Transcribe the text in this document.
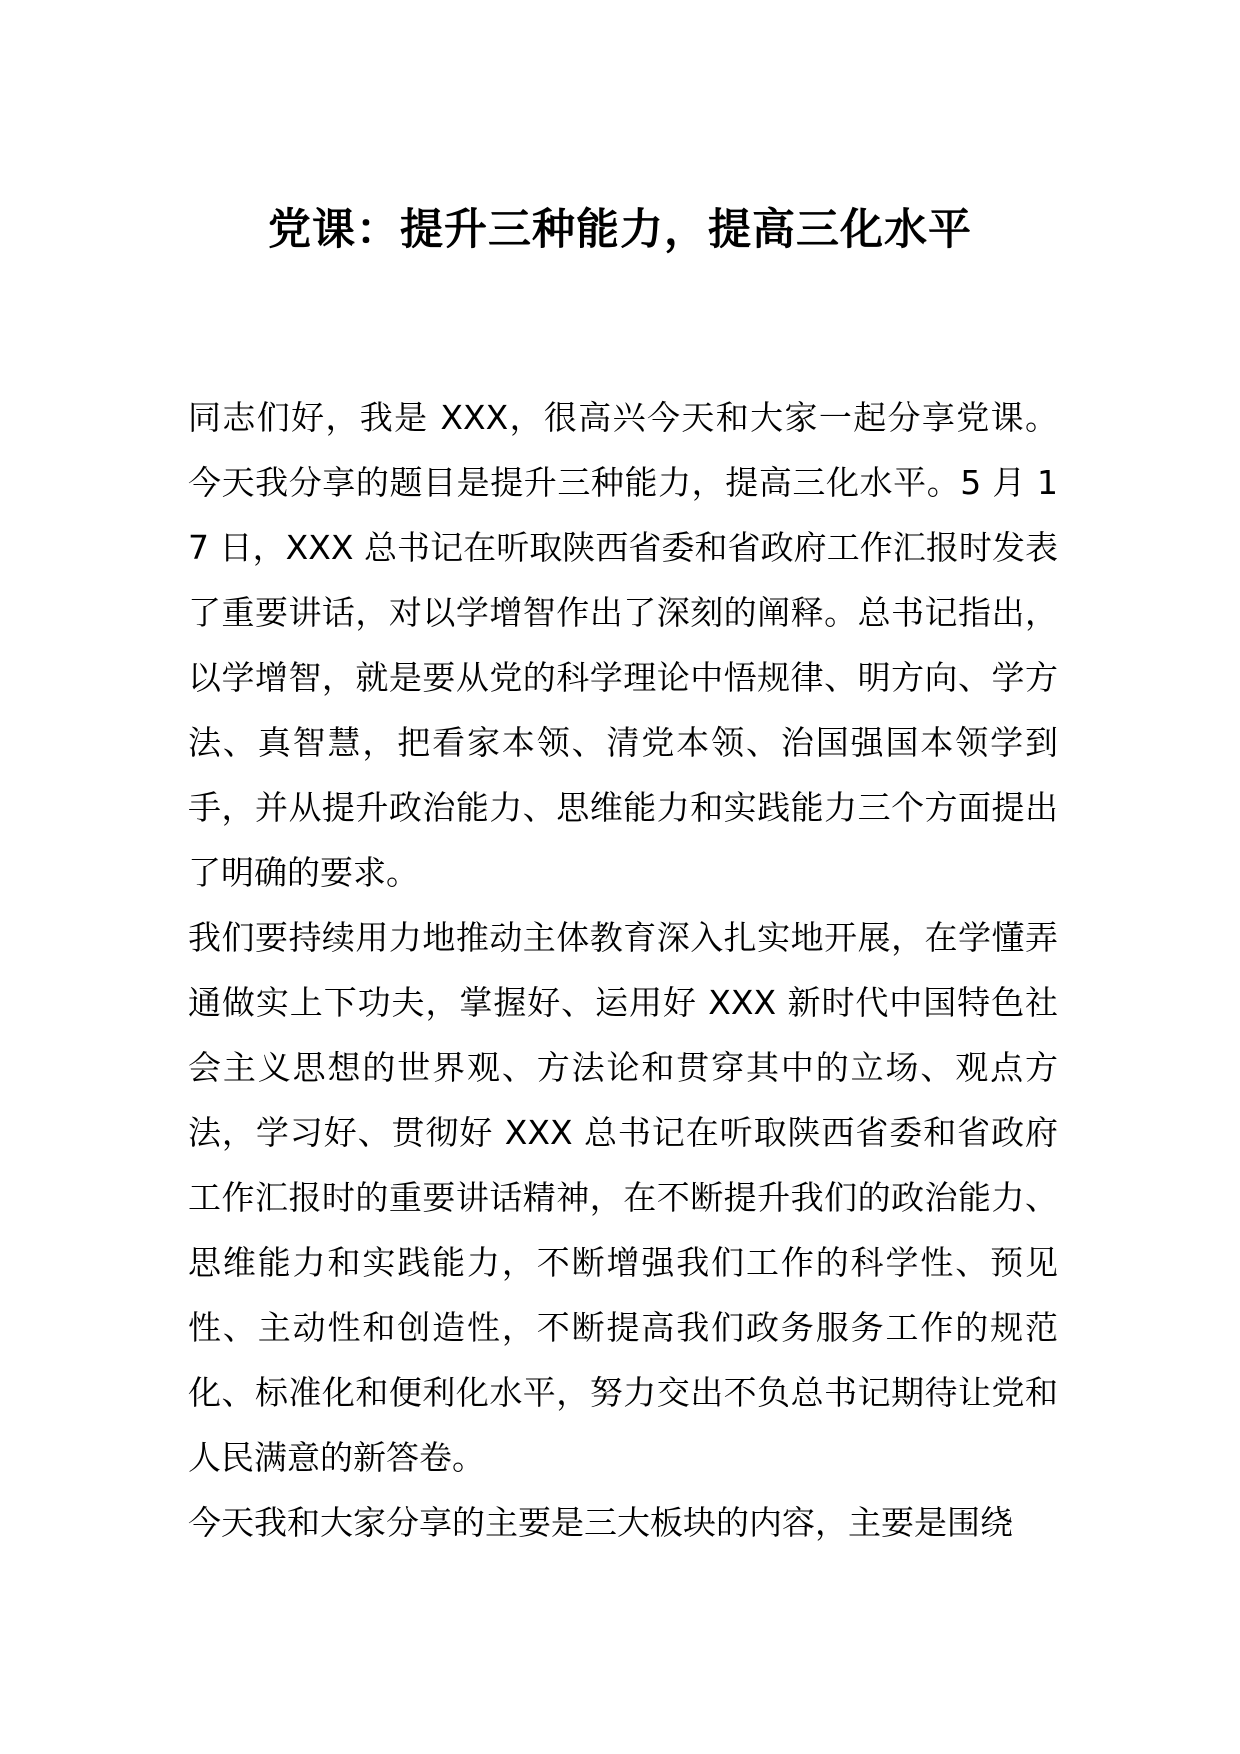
党课：提升三种能力，提高三化水平

同志们好，我是 XXX，很高兴今天和大家一起分享党课。今天我分享的题目是提升三种能力，提高三化水平。5 月 17 日，XXX 总书记在听取陕西省委和省政府工作汇报时发表了重要讲话，对以学增智作出了深刻的阐释。总书记指出，以学增智，就是要从党的科学理论中悟规律、明方向、学方法、真智慧，把看家本领、清党本领、治国强国本领学到手，并从提升政治能力、思维能力和实践能力三个方面提出了明确的要求。

我们要持续用力地推动主体教育深入扎实地开展，在学懂弄通做实上下功夫，掌握好、运用好 XXX 新时代中国特色社会主义思想的世界观、方法论和贯穿其中的立场、观点方法，学习好、贯彻好 XXX 总书记在听取陕西省委和省政府工作汇报时的重要讲话精神，在不断提升我们的政治能力、思维能力和实践能力，不断增强我们工作的科学性、预见性、主动性和创造性，不断提高我们政务服务工作的规范化、标准化和便利化水平，努力交出不负总书记期待让党和人民满意的新答卷。

今天我和大家分享的主要是三大板块的内容，主要是围绕
